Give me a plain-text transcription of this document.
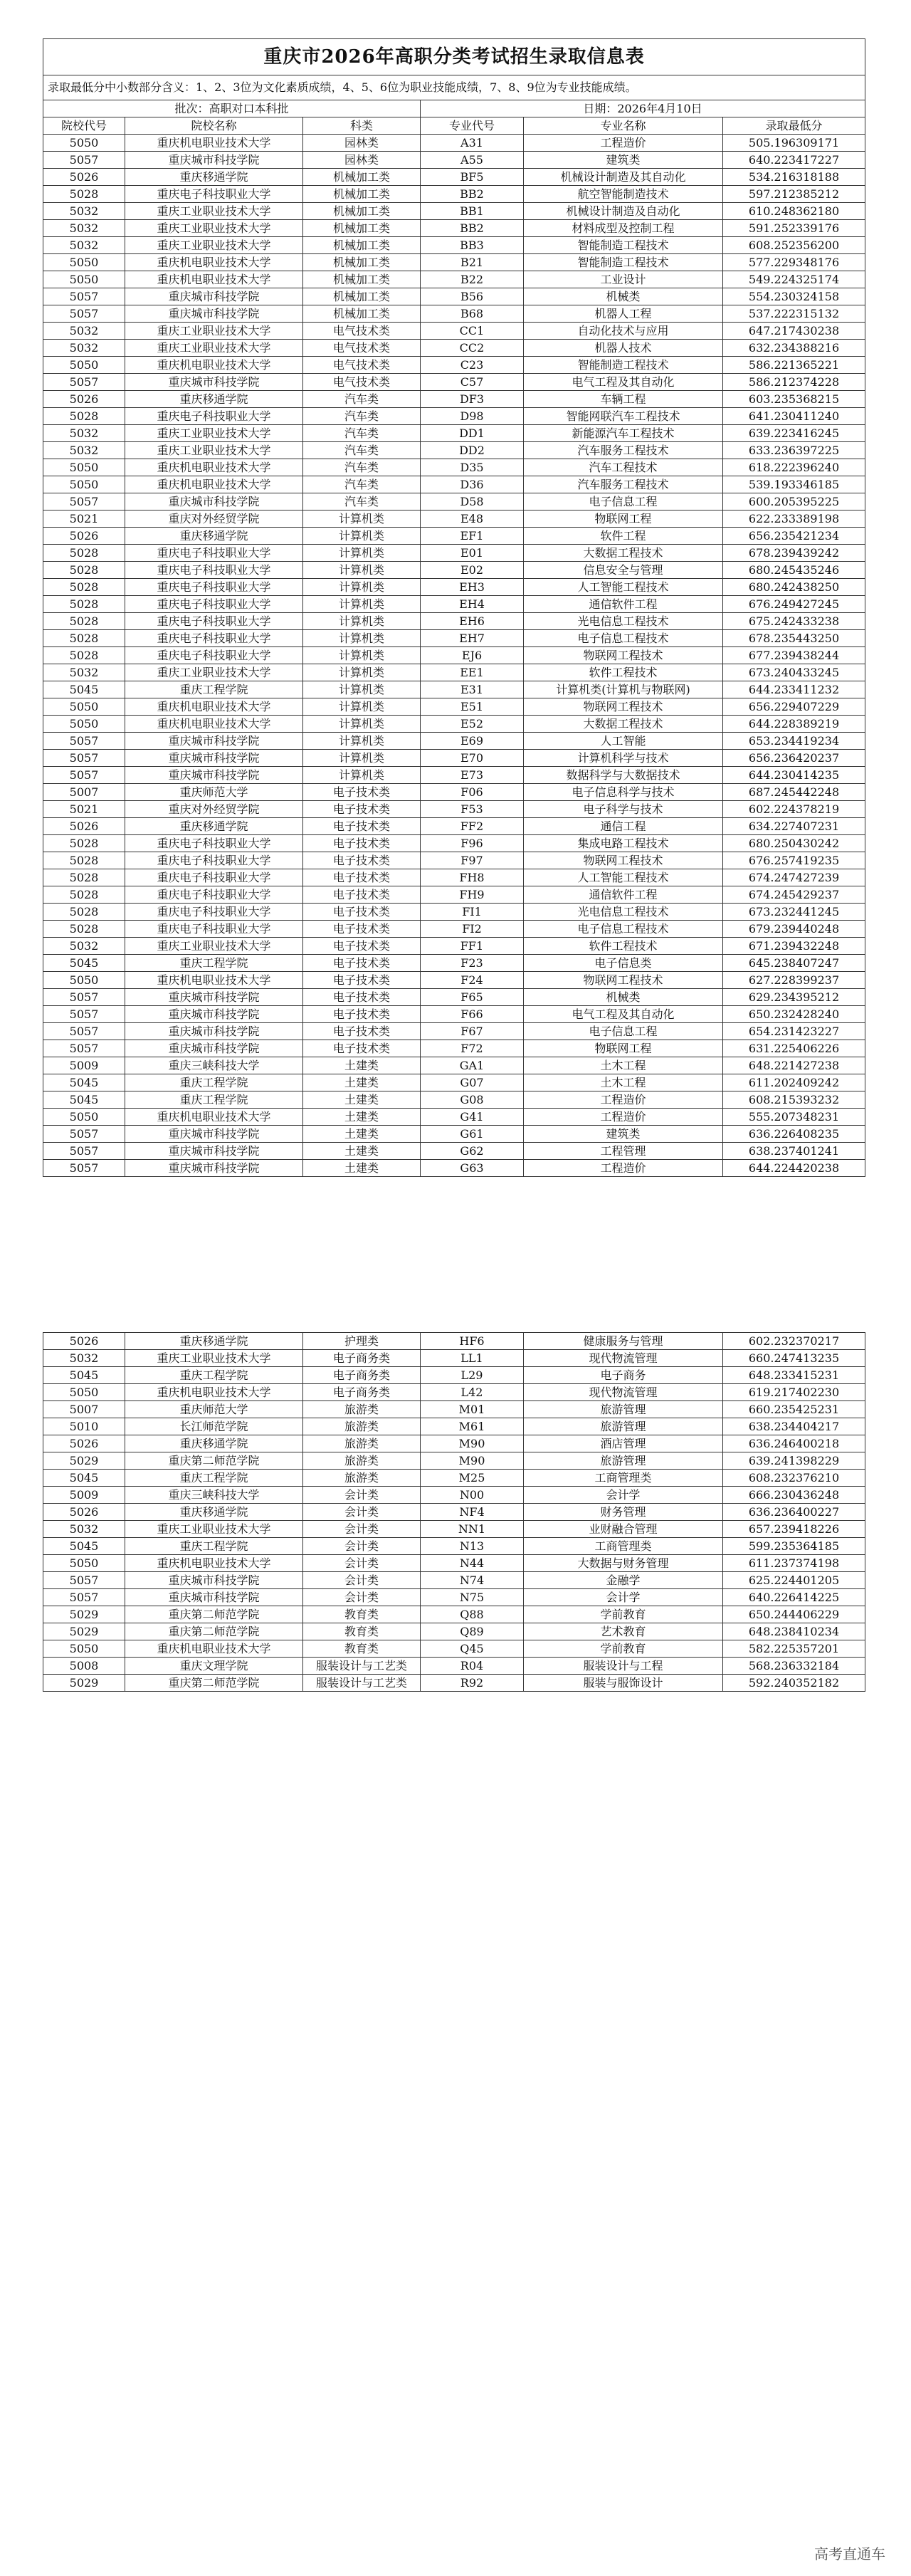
重庆市2026年高职分类考试招生录取信息表					
录取最低分中小数部分含义：1、2、3位为文化素质成绩，4、5、6位为职业技能成绩，7、8、9位为专业技能成绩。					
批次：高职对口本科批			日期：2026年4月10日		
院校代号	院校名称	科类	专业代号	专业名称	录取最低分
5050	重庆机电职业技术大学	园林类	A31	工程造价	505.196309171
5057	重庆城市科技学院	园林类	A55	建筑类	640.223417227
5026	重庆移通学院	机械加工类	BF5	机械设计制造及其自动化	534.216318188
5028	重庆电子科技职业大学	机械加工类	BB2	航空智能制造技术	597.212385212
5032	重庆工业职业技术大学	机械加工类	BB1	机械设计制造及自动化	610.248362180
5032	重庆工业职业技术大学	机械加工类	BB2	材料成型及控制工程	591.252339176
5032	重庆工业职业技术大学	机械加工类	BB3	智能制造工程技术	608.252356200
5050	重庆机电职业技术大学	机械加工类	B21	智能制造工程技术	577.229348176
5050	重庆机电职业技术大学	机械加工类	B22	工业设计	549.224325174
5057	重庆城市科技学院	机械加工类	B56	机械类	554.230324158
5057	重庆城市科技学院	机械加工类	B68	机器人工程	537.222315132
5032	重庆工业职业技术大学	电气技术类	CC1	自动化技术与应用	647.217430238
5032	重庆工业职业技术大学	电气技术类	CC2	机器人技术	632.234388216
5050	重庆机电职业技术大学	电气技术类	C23	智能制造工程技术	586.221365221
5057	重庆城市科技学院	电气技术类	C57	电气工程及其自动化	586.212374228
5026	重庆移通学院	汽车类	DF3	车辆工程	603.235368215
5028	重庆电子科技职业大学	汽车类	D98	智能网联汽车工程技术	641.230411240
5032	重庆工业职业技术大学	汽车类	DD1	新能源汽车工程技术	639.223416245
5032	重庆工业职业技术大学	汽车类	DD2	汽车服务工程技术	633.236397225
5050	重庆机电职业技术大学	汽车类	D35	汽车工程技术	618.222396240
5050	重庆机电职业技术大学	汽车类	D36	汽车服务工程技术	539.193346185
5057	重庆城市科技学院	汽车类	D58	电子信息工程	600.205395225
5021	重庆对外经贸学院	计算机类	E48	物联网工程	622.233389198
5026	重庆移通学院	计算机类	EF1	软件工程	656.235421234
5028	重庆电子科技职业大学	计算机类	E01	大数据工程技术	678.239439242
5028	重庆电子科技职业大学	计算机类	E02	信息安全与管理	680.245435246
5028	重庆电子科技职业大学	计算机类	EH3	人工智能工程技术	680.242438250
5028	重庆电子科技职业大学	计算机类	EH4	通信软件工程	676.249427245
5028	重庆电子科技职业大学	计算机类	EH6	光电信息工程技术	675.242433238
5028	重庆电子科技职业大学	计算机类	EH7	电子信息工程技术	678.235443250
5028	重庆电子科技职业大学	计算机类	EJ6	物联网工程技术	677.239438244
5032	重庆工业职业技术大学	计算机类	EE1	软件工程技术	673.240433245
5045	重庆工程学院	计算机类	E31	计算机类(计算机与物联网)	644.233411232
5050	重庆机电职业技术大学	计算机类	E51	物联网工程技术	656.229407229
5050	重庆机电职业技术大学	计算机类	E52	大数据工程技术	644.228389219
5057	重庆城市科技学院	计算机类	E69	人工智能	653.234419234
5057	重庆城市科技学院	计算机类	E70	计算机科学与技术	656.236420237
5057	重庆城市科技学院	计算机类	E73	数据科学与大数据技术	644.230414235
5007	重庆师范大学	电子技术类	F06	电子信息科学与技术	687.245442248
5021	重庆对外经贸学院	电子技术类	F53	电子科学与技术	602.224378219
5026	重庆移通学院	电子技术类	FF2	通信工程	634.227407231
5028	重庆电子科技职业大学	电子技术类	F96	集成电路工程技术	680.250430242
5028	重庆电子科技职业大学	电子技术类	F97	物联网工程技术	676.257419235
5028	重庆电子科技职业大学	电子技术类	FH8	人工智能工程技术	674.247427239
5028	重庆电子科技职业大学	电子技术类	FH9	通信软件工程	674.245429237
5028	重庆电子科技职业大学	电子技术类	FI1	光电信息工程技术	673.232441245
5028	重庆电子科技职业大学	电子技术类	FI2	电子信息工程技术	679.239440248
5032	重庆工业职业技术大学	电子技术类	FF1	软件工程技术	671.239432248
5045	重庆工程学院	电子技术类	F23	电子信息类	645.238407247
5050	重庆机电职业技术大学	电子技术类	F24	物联网工程技术	627.228399237
5057	重庆城市科技学院	电子技术类	F65	机械类	629.234395212
5057	重庆城市科技学院	电子技术类	F66	电气工程及其自动化	650.232428240
5057	重庆城市科技学院	电子技术类	F67	电子信息工程	654.231423227
5057	重庆城市科技学院	电子技术类	F72	物联网工程	631.225406226
5009	重庆三峡科技大学	土建类	GA1	土木工程	648.221427238
5045	重庆工程学院	土建类	G07	土木工程	611.202409242
5045	重庆工程学院	土建类	G08	工程造价	608.215393232
5050	重庆机电职业技术大学	土建类	G41	工程造价	555.207348231
5057	重庆城市科技学院	土建类	G61	建筑类	636.226408235
5057	重庆城市科技学院	土建类	G62	工程管理	638.237401241
5057	重庆城市科技学院	土建类	G63	工程造价	644.224420238
5026	重庆移通学院	护理类	HF6	健康服务与管理	602.232370217
5032	重庆工业职业技术大学	电子商务类	LL1	现代物流管理	660.247413235
5045	重庆工程学院	电子商务类	L29	电子商务	648.233415231
5050	重庆机电职业技术大学	电子商务类	L42	现代物流管理	619.217402230
5007	重庆师范大学	旅游类	M01	旅游管理	660.235425231
5010	长江师范学院	旅游类	M61	旅游管理	638.234404217
5026	重庆移通学院	旅游类	M90	酒店管理	636.246400218
5029	重庆第二师范学院	旅游类	M90	旅游管理	639.241398229
5045	重庆工程学院	旅游类	M25	工商管理类	608.232376210
5009	重庆三峡科技大学	会计类	N00	会计学	666.230436248
5026	重庆移通学院	会计类	NF4	财务管理	636.236400227
5032	重庆工业职业技术大学	会计类	NN1	业财融合管理	657.239418226
5045	重庆工程学院	会计类	N13	工商管理类	599.235364185
5050	重庆机电职业技术大学	会计类	N44	大数据与财务管理	611.237374198
5057	重庆城市科技学院	会计类	N74	金融学	625.224401205
5057	重庆城市科技学院	会计类	N75	会计学	640.226414225
5029	重庆第二师范学院	教育类	Q88	学前教育	650.244406229
5029	重庆第二师范学院	教育类	Q89	艺术教育	648.238410234
5050	重庆机电职业技术大学	教育类	Q45	学前教育	582.225357201
5008	重庆文理学院	服装设计与工艺类	R04	服装设计与工程	568.236332184
5029	重庆第二师范学院	服装设计与工艺类	R92	服装与服饰设计	592.240352182
高考直通车
